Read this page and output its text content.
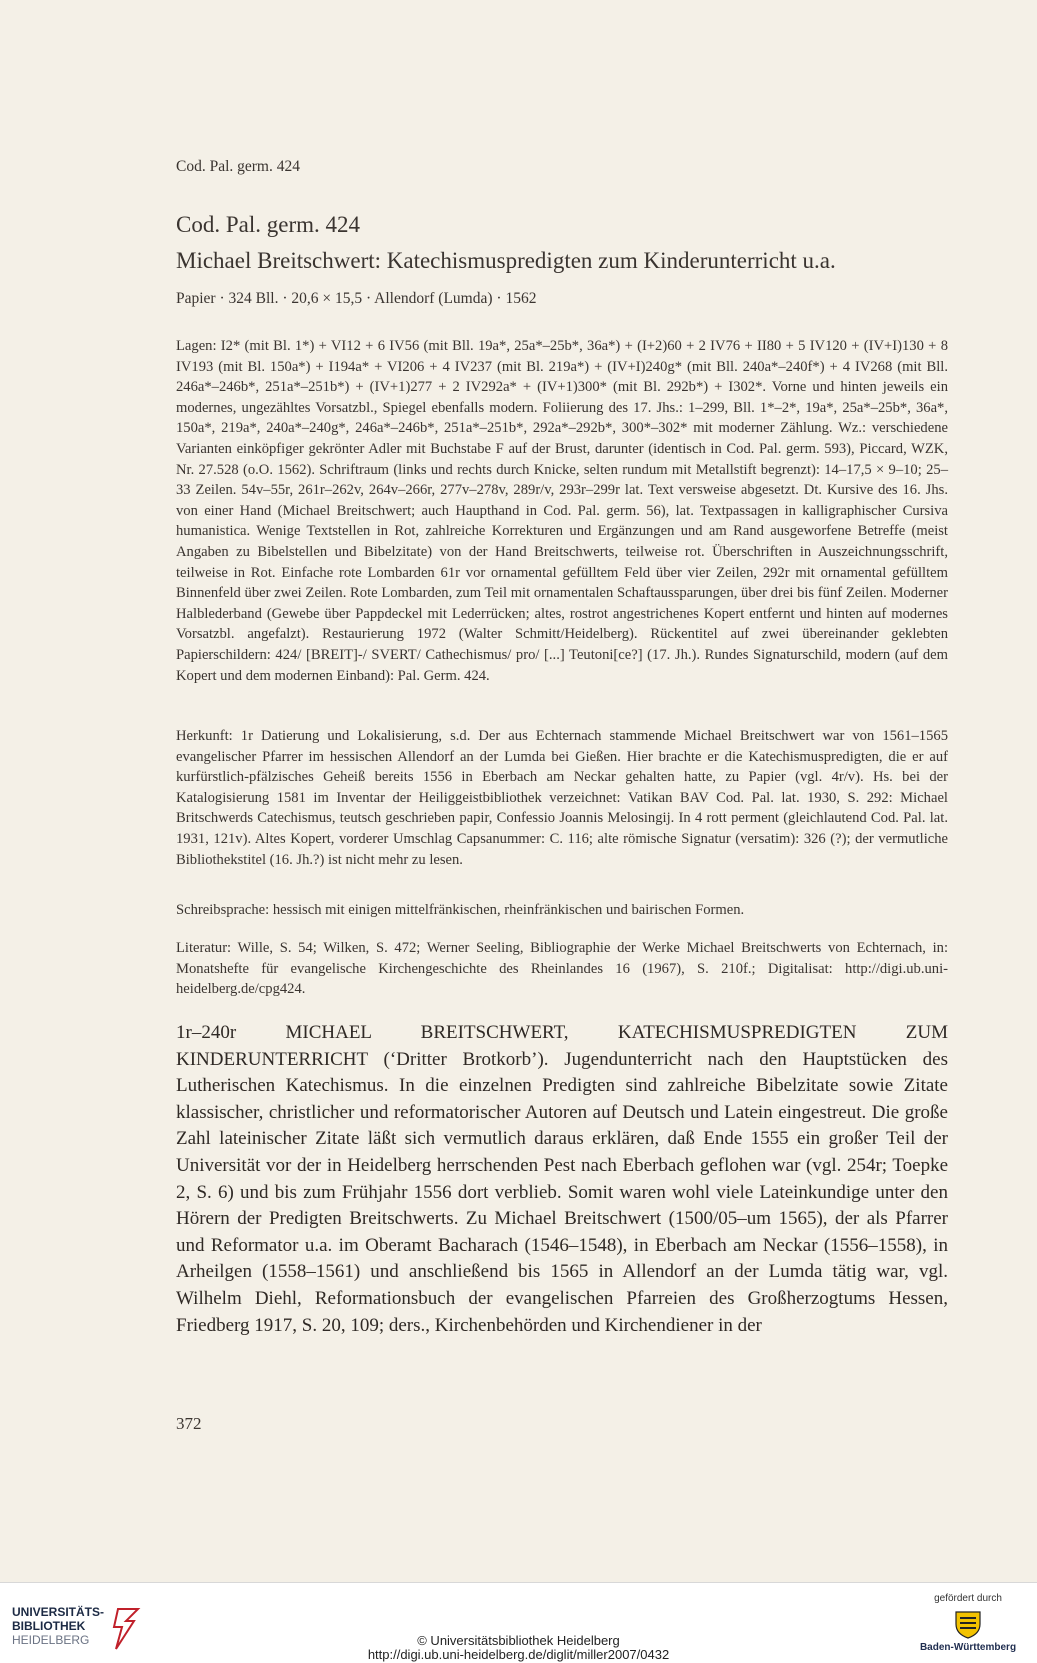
Cod. Pal. germ. 424
Cod. Pal. germ. 424
Michael Breitschwert: Katechismuspredigten zum Kinderunterricht u.a.
Papier · 324 Bll. · 20,6 × 15,5 · Allendorf (Lumda) · 1562

Lagen: I2* (mit Bl. 1*) + VI12 + 6 IV56 (mit Bll. 19a*, 25a*–25b*, 36a*) + (I+2)60 + 2 IV76 + II80 + 5 IV120 + (IV+I)130 + 8 IV193 (mit Bl. 150a*) + I194a* + VI206 + 4 IV237 (mit Bl. 219a*) + (IV+I)240g* (mit Bll. 240a*–240f*) + 4 IV268 (mit Bll. 246a*–246b*, 251a*–251b*) + (IV+1)277 + 2 IV292a* + (IV+1)300* (mit Bl. 292b*) + I302*. Vorne und hinten jeweils ein modernes, ungezähltes Vorsatzbl., Spiegel ebenfalls modern. Foliierung des 17. Jhs.: 1–299, Bll. 1*–2*, 19a*, 25a*–25b*, 36a*, 150a*, 219a*, 240a*–240g*, 246a*–246b*, 251a*–251b*, 292a*–292b*, 300*–302* mit moderner Zählung. Wz.: verschiedene Varianten einköpfiger gekrönter Adler mit Buchstabe F auf der Brust, darunter (identisch in Cod. Pal. germ. 593), Piccard, WZK, Nr. 27.528 (o.O. 1562). Schriftraum (links und rechts durch Knicke, selten rundum mit Metallstift begrenzt): 14–17,5 × 9–10; 25–33 Zeilen. 54v–55r, 261r–262v, 264v–266r, 277v–278v, 289r/v, 293r–299r lat. Text versweise abgesetzt. Dt. Kursive des 16. Jhs. von einer Hand (Michael Breitschwert; auch Haupthand in Cod. Pal. germ. 56), lat. Textpassagen in kalligraphischer Cursiva humanistica. Wenige Textstellen in Rot, zahlreiche Korrekturen und Ergänzungen und am Rand ausgeworfene Betreffe (meist Angaben zu Bibelstellen und Bibelzitate) von der Hand Breitschwerts, teilweise rot. Überschriften in Auszeichnungsschrift, teilweise in Rot. Einfache rote Lombarden 61r vor ornamental gefülltem Feld über vier Zeilen, 292r mit ornamental gefülltem Binnenfeld über zwei Zeilen. Rote Lombarden, zum Teil mit ornamentalen Schaftaussparungen, über drei bis fünf Zeilen. Moderner Halblederband (Gewebe über Pappdeckel mit Lederrücken; altes, rostrot angestrichenes Kopert entfernt und hinten auf modernes Vorsatzbl. angefalzt). Restaurierung 1972 (Walter Schmitt/Heidelberg). Rückentitel auf zwei übereinander geklebten Papierschildern: 424/ [BREIT]-/ SVERT/ Cathechismus/ pro/ [...] Teutoni[ce?] (17. Jh.). Rundes Signaturschild, modern (auf dem Kopert und dem modernen Einband): Pal. Germ. 424.

Herkunft: 1r Datierung und Lokalisierung, s.d. Der aus Echternach stammende Michael Breitschwert war von 1561–1565 evangelischer Pfarrer im hessischen Allendorf an der Lumda bei Gießen. Hier brachte er die Katechismuspredigten, die er auf kurfürstlich-pfälzisches Geheiß bereits 1556 in Eberbach am Neckar gehalten hatte, zu Papier (vgl. 4r/v). Hs. bei der Katalogisierung 1581 im Inventar der Heiliggeistbibliothek verzeichnet: Vatikan BAV Cod. Pal. lat. 1930, S. 292: Michael Britschwerds Catechismus, teutsch geschrieben papir, Confessio Joannis Melosingij. In 4 rott perment (gleichlautend Cod. Pal. lat. 1931, 121v). Altes Kopert, vorderer Umschlag Capsanummer: C. 116; alte römische Signatur (versatim): 326 (?); der vermutliche Bibliothekstitel (16. Jh.?) ist nicht mehr zu lesen.

Schreibsprache: hessisch mit einigen mittelfränkischen, rheinfränkischen und bairischen Formen.

Literatur: Wille, S. 54; Wilken, S. 472; Werner Seeling, Bibliographie der Werke Michael Breitschwerts von Echternach, in: Monatshefte für evangelische Kirchengeschichte des Rheinlandes 16 (1967), S. 210f.; Digitalisat: http://digi.ub.uni-heidelberg.de/cpg424.

1r–240r MICHAEL BREITSCHWERT, KATECHISMUSPREDIGTEN ZUM KINDERUNTERRICHT (‘Dritter Brotkorb’). Jugendunterricht nach den Hauptstücken des Lutherischen Katechismus. In die einzelnen Predigten sind zahlreiche Bibelzitate sowie Zitate klassischer, christlicher und reformatorischer Autoren auf Deutsch und Latein eingestreut. Die große Zahl lateinischer Zitate läßt sich vermutlich daraus erklären, daß Ende 1555 ein großer Teil der Universität vor der in Heidelberg herrschenden Pest nach Eberbach geflohen war (vgl. 254r; Toepke 2, S. 6) und bis zum Frühjahr 1556 dort verblieb. Somit waren wohl viele Lateinkundige unter den Hörern der Predigten Breitschwerts. Zu Michael Breitschwert (1500/05–um 1565), der als Pfarrer und Reformator u.a. im Oberamt Bacharach (1546–1548), in Eberbach am Neckar (1556–1558), in Arheilgen (1558–1561) und anschließend bis 1565 in Allendorf an der Lumda tätig war, vgl. Wilhelm Diehl, Reformationsbuch der evangelischen Pfarreien des Großherzogtums Hessen, Friedberg 1917, S. 20, 109; ders., Kirchenbehörden und Kirchendiener in der

372
UNIVERSITÄTS-
BIBLIOTHEK
HEIDELBERG	© Universitätsbibliothek Heidelberg
http://digi.ub.uni-heidelberg.de/diglit/miller2007/0432
gefördert durch
Baden-Württemberg
